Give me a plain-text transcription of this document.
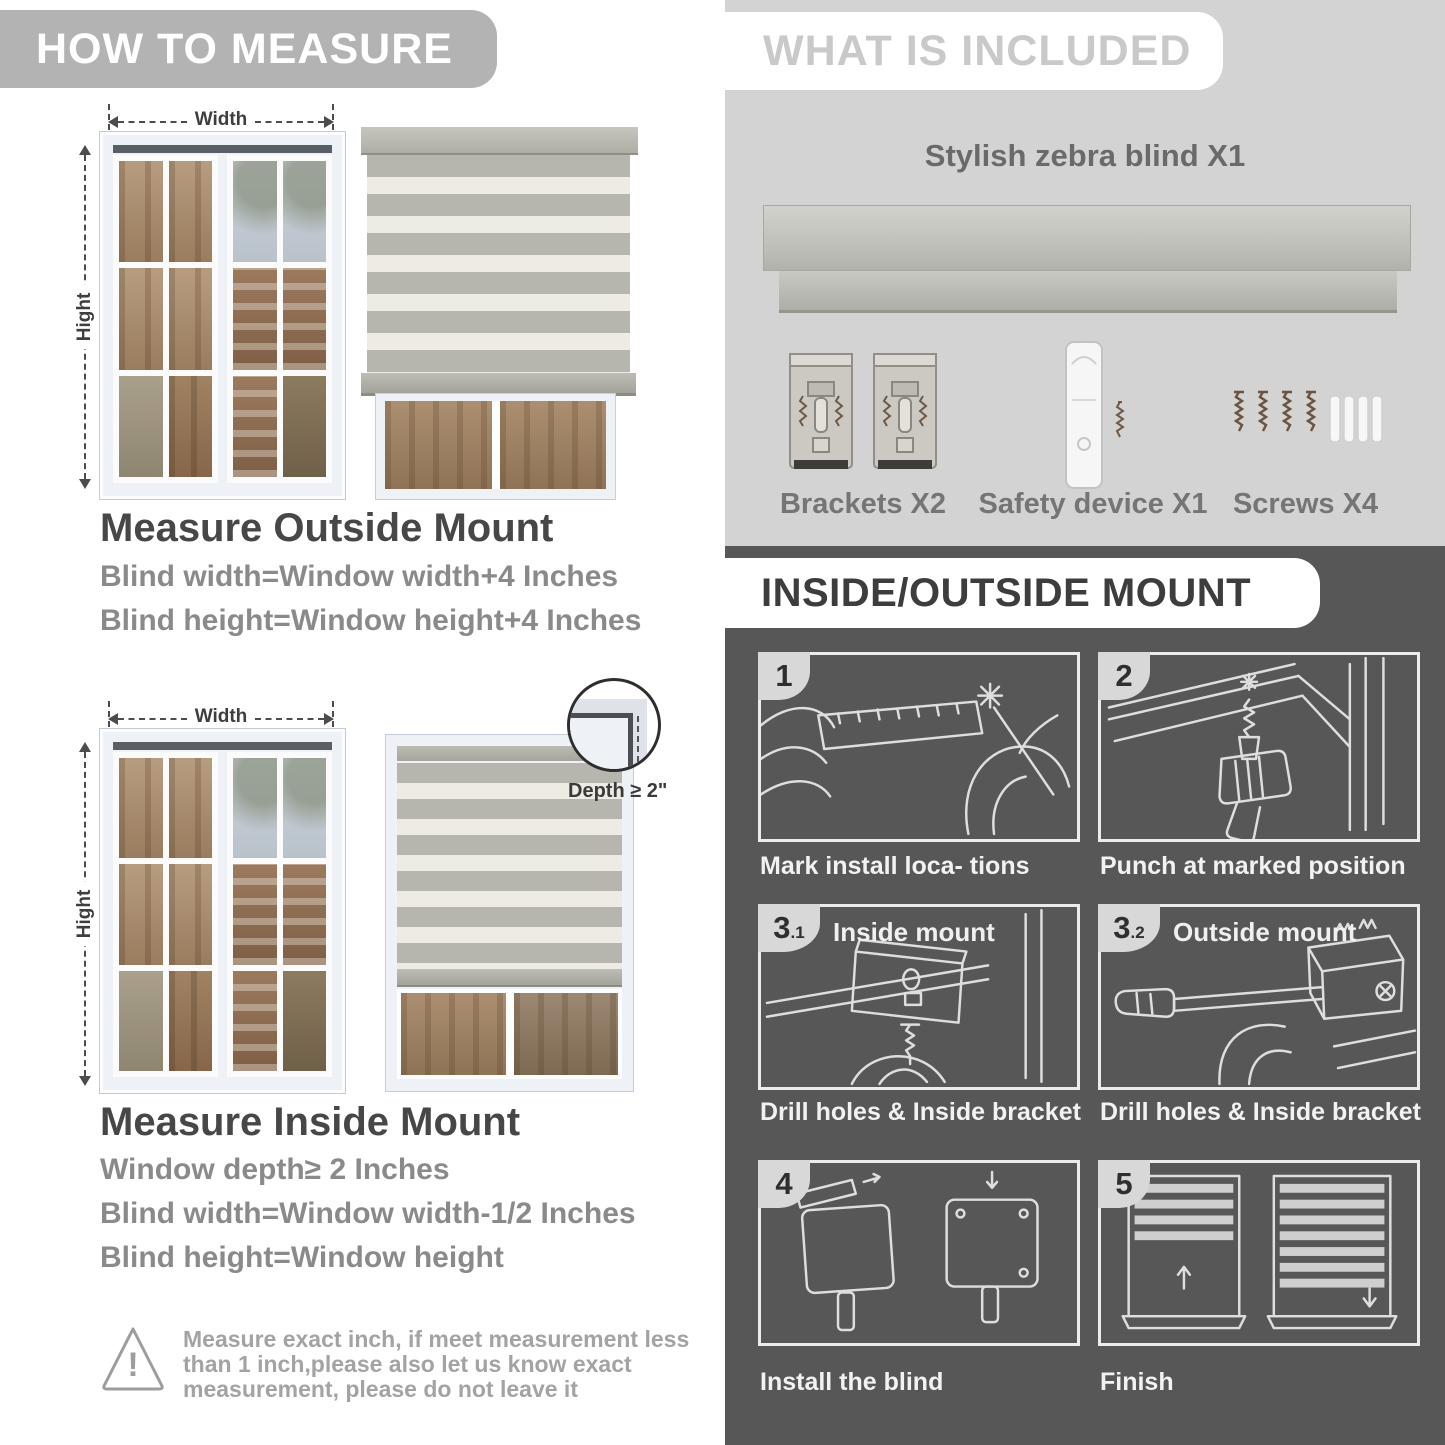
HOW TO MEASURE
Width
Hight
Measure Outside Mount
Blind width=Window width+4 Inches
Blind height=Window height+4 Inches
Width
Hight
Depth ≥ 2"
Measure Inside Mount
Window depth≥ 2 Inches
Blind width=Window width-1/2 Inches
Blind height=Window height
!
Measure exact inch, if meet measurement less
than 1 inch,please also let us know exact
measurement, please do not leave it
WHAT IS INCLUDED
Stylish zebra blind X1
Brackets X2	Safety device X1 Screws X4
INSIDE/OUTSIDE MOUNT
1
Mark install loca- tions
2
Punch at marked position
3 .1 Inside mount
Drill holes & Inside bracket
3 .2 Outside mount
Drill holes & Inside bracket
4
Install the blind
5
Finish
